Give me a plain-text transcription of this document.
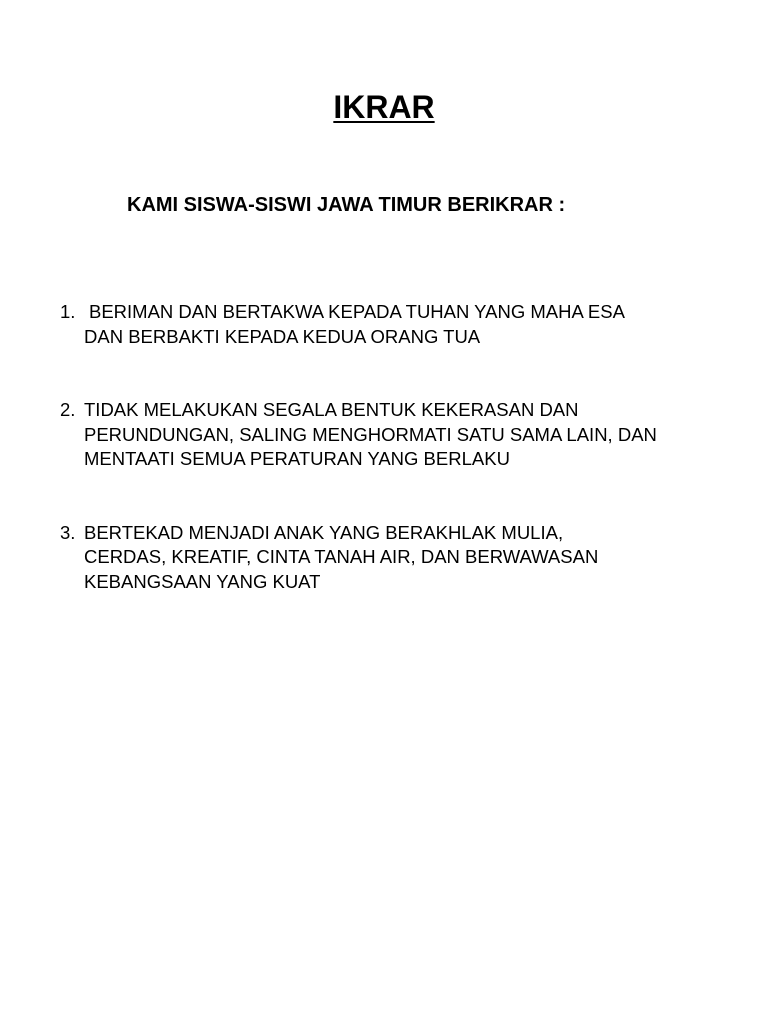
IKRAR
KAMI SISWA-SISWI JAWA TIMUR BERIKRAR :
1. BERIMAN DAN BERTAKWA KEPADA TUHAN YANG MAHA ESA
DAN BERBAKTI KEPADA KEDUA ORANG TUA
2. TIDAK MELAKUKAN SEGALA BENTUK KEKERASAN DAN
PERUNDUNGAN, SALING MENGHORMATI SATU SAMA LAIN, DAN
MENTAATI SEMUA PERATURAN YANG BERLAKU
3. BERTEKAD MENJADI ANAK YANG BERAKHLAK MULIA,
CERDAS, KREATIF, CINTA TANAH AIR, DAN BERWAWASAN
KEBANGSAAN YANG KUAT
